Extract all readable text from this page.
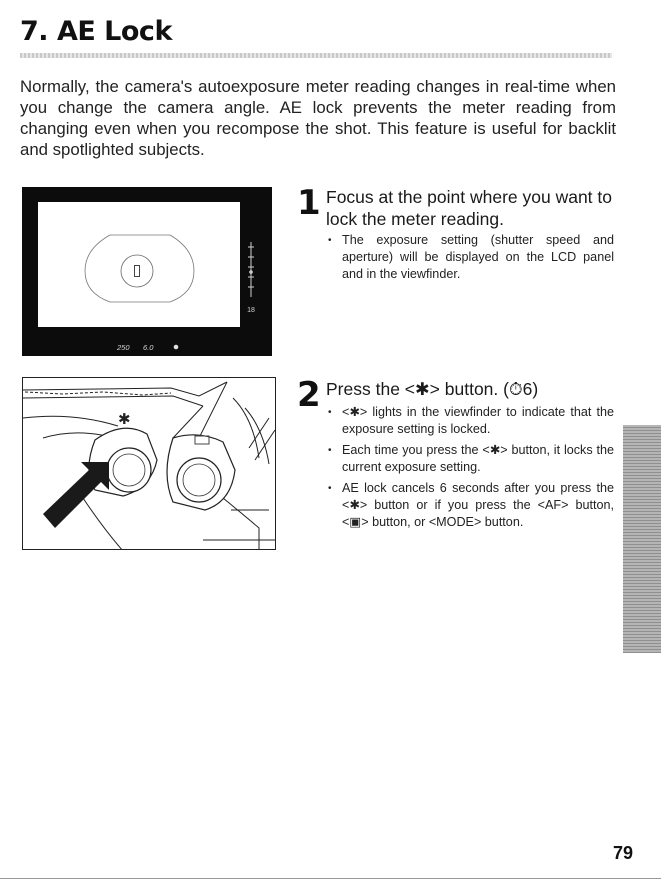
7. AE Lock

Normally, the camera's autoexposure meter reading changes in real-time when you change the camera angle. AE lock prevents the meter reading from changing even when you recompose the shot. This feature is useful for backlit and spotlighted subjects.

18
250 6.0
✱
1 Focus at the point where you want to lock the meter reading.
• The exposure setting (shutter speed and aperture) will be displayed on the LCD panel and in the viewfinder.
2 Press the <✱> button. (⏱6)
• <✱> lights in the viewfinder to indicate that the exposure setting is locked.
• Each time you press the <✱> button, it locks the current exposure setting.
• AE lock cancels 6 seconds after you press the <✱> button or if you press the <AF> button, <▣> button, or <MODE> button.
79
